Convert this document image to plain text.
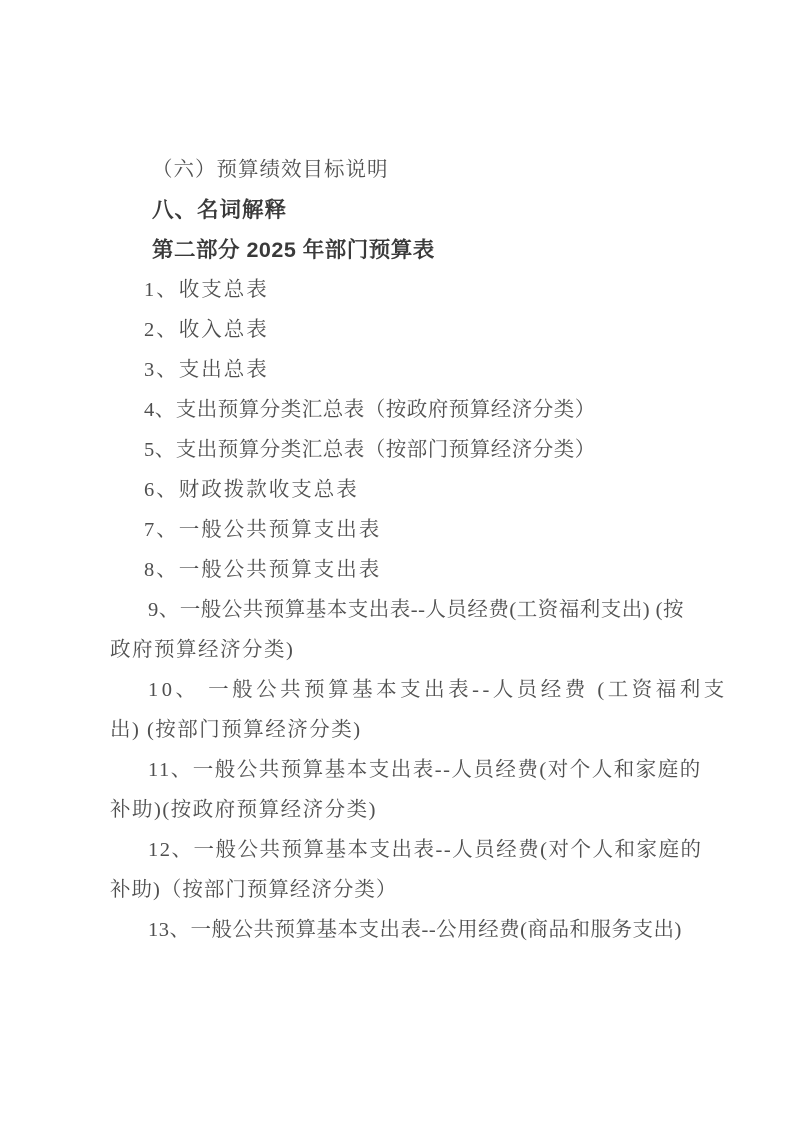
（六）预算绩效目标说明
八、名词解释
第二部分 2025 年部门预算表
1、收支总表
2、收入总表
3、支出总表
4、支出预算分类汇总表（按政府预算经济分类）
5、支出预算分类汇总表（按部门预算经济分类）
6、财政拨款收支总表
7、一般公共预算支出表
8、一般公共预算支出表
9、一般公共预算基本支出表--人员经费(工资福利支出) (按
政府预算经济分类)
10、 一般公共预算基本支出表--人员经费 (工资福利支
出) (按部门预算经济分类)
11、一般公共预算基本支出表--人员经费(对个人和家庭的
补助)(按政府预算经济分类)
12、一般公共预算基本支出表--人员经费(对个人和家庭的
补助)（按部门预算经济分类）
13、一般公共预算基本支出表--公用经费(商品和服务支出)
